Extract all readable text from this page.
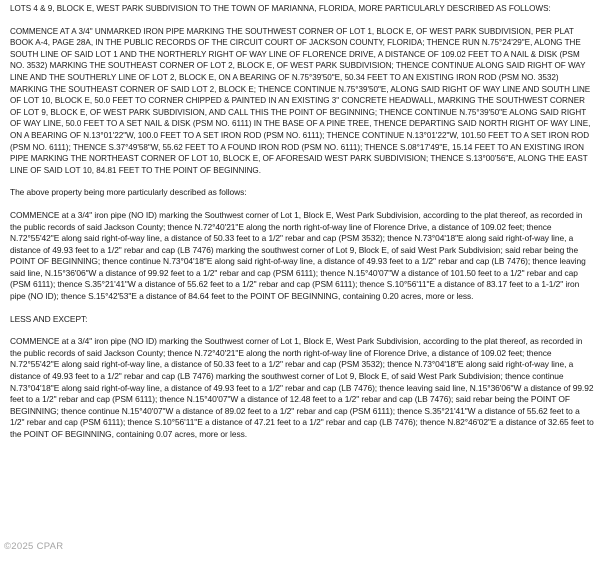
LOTS 4 & 9, BLOCK E, WEST PARK SUBDIVISION TO THE TOWN OF MARIANNA, FLORIDA, MORE PARTICULARLY DESCRIBED AS FOLLOWS:

COMMENCE AT A 3/4" UNMARKED IRON PIPE MARKING THE SOUTHWEST CORNER OF LOT 1, BLOCK E, OF WEST PARK SUBDIVISION, PER PLAT BOOK A-4, PAGE 28A, IN THE PUBLIC RECORDS OF THE CIRCUIT COURT OF JACKSON COUNTY, FLORIDA; THENCE RUN N.75°24'29"E, ALONG THE SOUTH LINE OF SAID LOT 1 AND THE NORTHERLY RIGHT OF WAY LINE OF FLORENCE DRIVE, A DISTANCE OF 109.02 FEET TO A NAIL & DISK (PSM NO. 3532) MARKING THE SOUTHEAST CORNER OF LOT 2, BLOCK E, OF WEST PARK SUBDIVISION; THENCE CONTINUE ALONG SAID RIGHT OF WAY LINE AND THE SOUTHERLY LINE OF LOT 2, BLOCK E, ON A BEARING OF N.75°39'50"E, 50.34 FEET TO AN EXISTING IRON ROD (PSM NO. 3532) MARKING THE SOUTHEAST CORNER OF SAID LOT 2, BLOCK E; THENCE CONTINUE N.75°39'50"E, ALONG SAID RIGHT OF WAY LINE AND SOUTH LINE OF LOT 10, BLOCK E, 50.0 FEET TO CORNER CHIPPED & PAINTED IN AN EXISTING 3" CONCRETE HEADWALL, MARKING THE SOUTHWEST CORNER OF LOT 9, BLOCK E, OF WEST PARK SUBDIVISION, AND CALL THIS THE POINT OF BEGINNING; THENCE CONTINUE N.75°39'50"E ALONG SAID RIGHT OF WAY LINE, 50.0 FEET TO A SET NAIL & DISK (PSM NO. 6111) IN THE BASE OF A PINE TREE, THENCE DEPARTING SAID NORTH RIGHT OF WAY LINE, ON A BEARING OF N.13°01'22"W, 100.0 FEET TO A SET IRON ROD (PSM NO. 6111); THENCE CONTINUE N.13°01'22"W, 101.50 FEET TO A SET IRON ROD (PSM NO. 6111); THENCE S.37°49'58"W, 55.62 FEET TO A FOUND IRON ROD (PSM NO. 6111); THENCE S.08°17'49"E, 15.14 FEET TO AN EXISTING IRON PIPE MARKING THE NORTHEAST CORNER OF LOT 10, BLOCK E, OF AFORESAID WEST PARK SUBDIVISION; THENCE S.13°00'56"E, ALONG THE EAST LINE OF SAID LOT 10, 84.81 FEET TO THE POINT OF BEGINNING.

The above property being more particularly described as follows:

COMMENCE at a 3/4" iron pipe (NO ID) marking the Southwest corner of Lot 1, Block E, West Park Subdivision, according to the plat thereof, as recorded in the public records of said Jackson County; thence N.72°40'21"E along the north right-of-way line of Florence Drive, a distance of 109.02 feet; thence N.72°55'42"E along said right-of-way line, a distance of 50.33 feet to a 1/2" rebar and cap (PSM 3532); thence N.73°04'18"E along said right-of-way line, a distance of 49.93 feet to a 1/2" rebar and cap (LB 7476) marking the southwest corner of Lot 9, Block E, of said West Park Subdivision; said rebar being the POINT OF BEGINNING; thence continue N.73°04'18"E along said right-of-way line, a distance of 49.93 feet to a 1/2" rebar and cap (LB 7476); thence leaving said line, N.15°36'06"W a distance of 99.92 feet to a 1/2" rebar and cap (PSM 6111); thence N.15°40'07"W a distance of 101.50 feet to a 1/2" rebar and cap (PSM 6111); thence S.35°21'41"W a distance of 55.62 feet to a 1/2" rebar and cap (PSM 6111); thence S.10°56'11"E a distance of 83.17 feet to a 1-1/2" iron pipe (NO ID); thence S.15°42'53"E a distance of 84.64 feet to the POINT OF BEGINNING, containing 0.20 acres, more or less.

LESS AND EXCEPT:

COMMENCE at a 3/4" iron pipe (NO ID) marking the Southwest corner of Lot 1, Block E, West Park Subdivision, according to the plat thereof, as recorded in the public records of said Jackson County; thence N.72°40'21"E along the north right-of-way line of Florence Drive, a distance of 109.02 feet; thence N.72°55'42"E along said right-of-way line, a distance of 50.33 feet to a 1/2" rebar and cap (PSM 3532); thence N.73°04'18"E along said right-of-way line, a distance of 49.93 feet to a 1/2" rebar and cap (LB 7476) marking the southwest corner of Lot 9, Block E, of said West Park Subdivision; thence continue N.73°04'18"E along said right-of-way line, a distance of 49.93 feet to a 1/2" rebar and cap (LB 7476); thence leaving said line, N.15°36'06"W a distance of 99.92 feet to a 1/2" rebar and cap (PSM 6111); thence N.15°40'07"W a distance of 12.48 feet to a 1/2" rebar and cap (LB 7476); said rebar being the POINT OF BEGINNING; thence continue N.15°40'07"W a distance of 89.02 feet to a 1/2" rebar and cap (PSM 6111); thence S.35°21'41"W a distance of 55.62 feet to a 1/2" rebar and cap (PSM 6111); thence S.10°56'11"E a distance of 47.21 feet to a 1/2" rebar and cap (LB 7476); thence N.82°46'02"E a distance of 32.65 feet to the POINT OF BEGINNING, containing 0.07 acres, more or less.

©2025 CPAR
